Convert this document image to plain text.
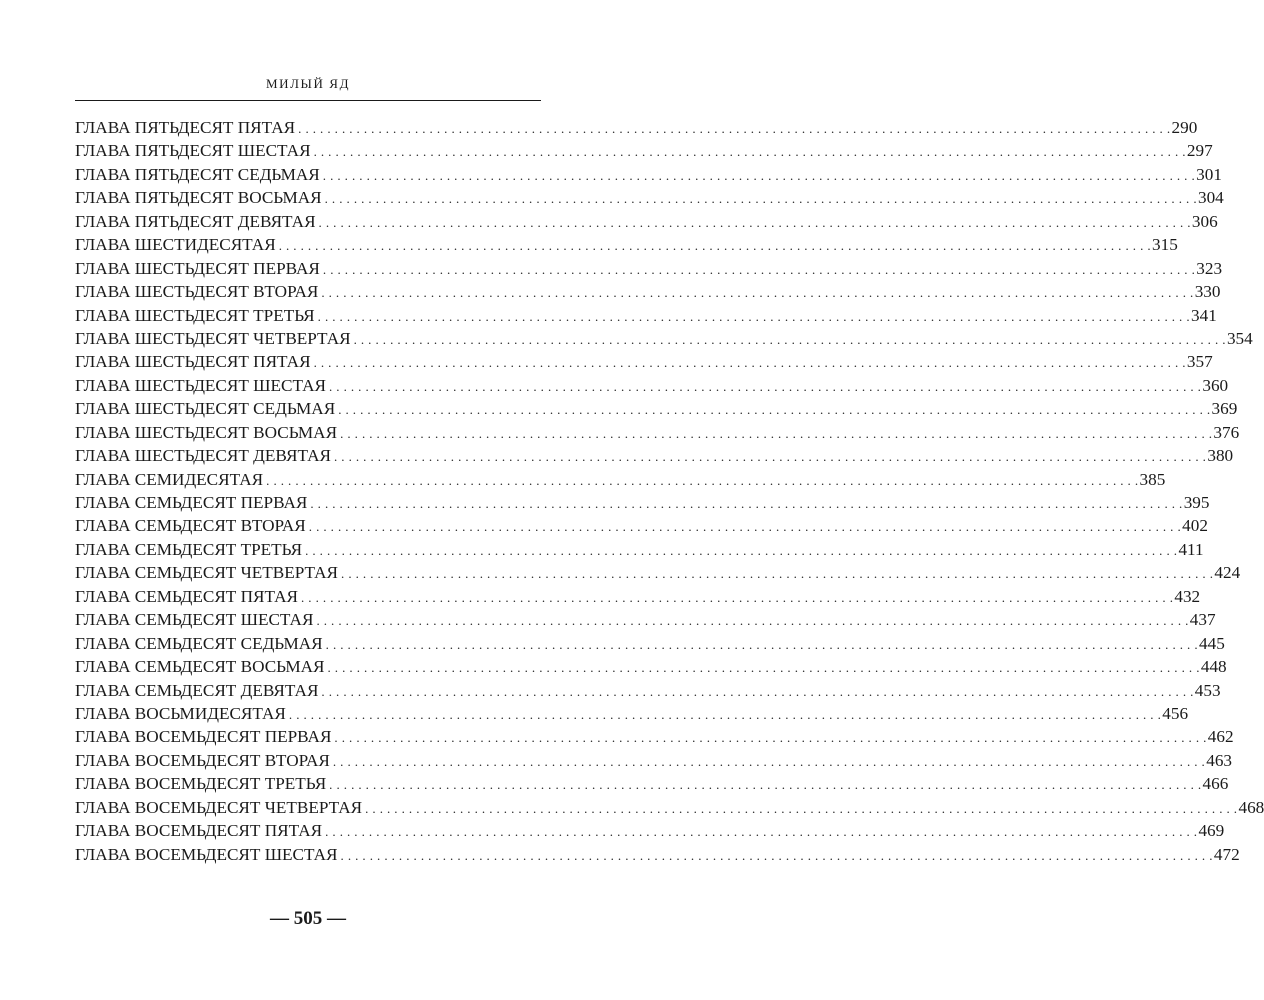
МИЛЫЙ ЯД
ГЛАВА ПЯТЬДЕСЯТ ПЯТАЯ . . . . . . . . . . . . . . . . . . . . . . . . . . . . . . . . . . . . . . . . . . . . . . . . . . . . . . . . . . . . . . . . . . . . . . . . . . . . . . . . . . . . . . . . . . . . . . . . . . . . . . . . . . . . . . . . . . . . . . . . 290
ГЛАВА ПЯТЬДЕСЯТ ШЕСТАЯ . . . . . . . . . . . . . . . . . . . . . . . . . . . . . . . . . . . . . . . . . . . . . . . . . . . . . . . . . . . . . . . . . . . . . . . . . . . . . . . . . . . . . . . . . . . . . . . . . . . . . . . . . . . . . . . . . . . . . . . . 297
ГЛАВА ПЯТЬДЕСЯТ СЕДЬМАЯ . . . . . . . . . . . . . . . . . . . . . . . . . . . . . . . . . . . . . . . . . . . . . . . . . . . . . . . . . . . . . . . . . . . . . . . . . . . . . . . . . . . . . . . . . . . . . . . . . . . . . . . . . . . . . . . . . . . . . . . . 301
ГЛАВА ПЯТЬДЕСЯТ ВОСЬМАЯ . . . . . . . . . . . . . . . . . . . . . . . . . . . . . . . . . . . . . . . . . . . . . . . . . . . . . . . . . . . . . . . . . . . . . . . . . . . . . . . . . . . . . . . . . . . . . . . . . . . . . . . . . . . . . . . . . . . . . . . . 304
ГЛАВА ПЯТЬДЕСЯТ ДЕВЯТАЯ . . . . . . . . . . . . . . . . . . . . . . . . . . . . . . . . . . . . . . . . . . . . . . . . . . . . . . . . . . . . . . . . . . . . . . . . . . . . . . . . . . . . . . . . . . . . . . . . . . . . . . . . . . . . . . . . . . . . . . . . 306
ГЛАВА ШЕСТИДЕСЯТАЯ . . . . . . . . . . . . . . . . . . . . . . . . . . . . . . . . . . . . . . . . . . . . . . . . . . . . . . . . . . . . . . . . . . . . . . . . . . . . . . . . . . . . . . . . . . . . . . . . . . . . . . . . . . . . . . . . . . . . . . . . 315
ГЛАВА ШЕСТЬДЕСЯТ ПЕРВАЯ . . . . . . . . . . . . . . . . . . . . . . . . . . . . . . . . . . . . . . . . . . . . . . . . . . . . . . . . . . . . . . . . . . . . . . . . . . . . . . . . . . . . . . . . . . . . . . . . . . . . . . . . . . . . . . . . . . . . . . . . 323
ГЛАВА ШЕСТЬДЕСЯТ ВТОРАЯ . . . . . . . . . . . . . . . . . . . . . . . . . . . . . . . . . . . . . . . . . . . . . . . . . . . . . . . . . . . . . . . . . . . . . . . . . . . . . . . . . . . . . . . . . . . . . . . . . . . . . . . . . . . . . . . . . . . . . . . . 330
ГЛАВА ШЕСТЬДЕСЯТ ТРЕТЬЯ . . . . . . . . . . . . . . . . . . . . . . . . . . . . . . . . . . . . . . . . . . . . . . . . . . . . . . . . . . . . . . . . . . . . . . . . . . . . . . . . . . . . . . . . . . . . . . . . . . . . . . . . . . . . . . . . . . . . . . . . 341
ГЛАВА ШЕСТЬДЕСЯТ ЧЕТВЕРТАЯ . . . . . . . . . . . . . . . . . . . . . . . . . . . . . . . . . . . . . . . . . . . . . . . . . . . . . . . . . . . . . . . . . . . . . . . . . . . . . . . . . . . . . . . . . . . . . . . . . . . . . . . . . . . . . . . . . . . . . . . . 354
ГЛАВА ШЕСТЬДЕСЯТ ПЯТАЯ . . . . . . . . . . . . . . . . . . . . . . . . . . . . . . . . . . . . . . . . . . . . . . . . . . . . . . . . . . . . . . . . . . . . . . . . . . . . . . . . . . . . . . . . . . . . . . . . . . . . . . . . . . . . . . . . . . . . . . . . 357
ГЛАВА ШЕСТЬДЕСЯТ ШЕСТАЯ . . . . . . . . . . . . . . . . . . . . . . . . . . . . . . . . . . . . . . . . . . . . . . . . . . . . . . . . . . . . . . . . . . . . . . . . . . . . . . . . . . . . . . . . . . . . . . . . . . . . . . . . . . . . . . . . . . . . . . . . 360
ГЛАВА ШЕСТЬДЕСЯТ СЕДЬМАЯ . . . . . . . . . . . . . . . . . . . . . . . . . . . . . . . . . . . . . . . . . . . . . . . . . . . . . . . . . . . . . . . . . . . . . . . . . . . . . . . . . . . . . . . . . . . . . . . . . . . . . . . . . . . . . . . . . . . . . . . . 369
ГЛАВА ШЕСТЬДЕСЯТ ВОСЬМАЯ . . . . . . . . . . . . . . . . . . . . . . . . . . . . . . . . . . . . . . . . . . . . . . . . . . . . . . . . . . . . . . . . . . . . . . . . . . . . . . . . . . . . . . . . . . . . . . . . . . . . . . . . . . . . . . . . . . . . . . . . 376
ГЛАВА ШЕСТЬДЕСЯТ ДЕВЯТАЯ . . . . . . . . . . . . . . . . . . . . . . . . . . . . . . . . . . . . . . . . . . . . . . . . . . . . . . . . . . . . . . . . . . . . . . . . . . . . . . . . . . . . . . . . . . . . . . . . . . . . . . . . . . . . . . . . . . . . . . . . 380
ГЛАВА СЕМИДЕСЯТАЯ . . . . . . . . . . . . . . . . . . . . . . . . . . . . . . . . . . . . . . . . . . . . . . . . . . . . . . . . . . . . . . . . . . . . . . . . . . . . . . . . . . . . . . . . . . . . . . . . . . . . . . . . . . . . . . . . . . . . . . . . 385
ГЛАВА СЕМЬДЕСЯТ ПЕРВАЯ . . . . . . . . . . . . . . . . . . . . . . . . . . . . . . . . . . . . . . . . . . . . . . . . . . . . . . . . . . . . . . . . . . . . . . . . . . . . . . . . . . . . . . . . . . . . . . . . . . . . . . . . . . . . . . . . . . . . . . . . 395
ГЛАВА СЕМЬДЕСЯТ ВТОРАЯ . . . . . . . . . . . . . . . . . . . . . . . . . . . . . . . . . . . . . . . . . . . . . . . . . . . . . . . . . . . . . . . . . . . . . . . . . . . . . . . . . . . . . . . . . . . . . . . . . . . . . . . . . . . . . . . . . . . . . . . . 402
ГЛАВА СЕМЬДЕСЯТ ТРЕТЬЯ . . . . . . . . . . . . . . . . . . . . . . . . . . . . . . . . . . . . . . . . . . . . . . . . . . . . . . . . . . . . . . . . . . . . . . . . . . . . . . . . . . . . . . . . . . . . . . . . . . . . . . . . . . . . . . . . . . . . . . . . 411
ГЛАВА СЕМЬДЕСЯТ ЧЕТВЕРТАЯ . . . . . . . . . . . . . . . . . . . . . . . . . . . . . . . . . . . . . . . . . . . . . . . . . . . . . . . . . . . . . . . . . . . . . . . . . . . . . . . . . . . . . . . . . . . . . . . . . . . . . . . . . . . . . . . . . . . . . . . . 424
ГЛАВА СЕМЬДЕСЯТ ПЯТАЯ . . . . . . . . . . . . . . . . . . . . . . . . . . . . . . . . . . . . . . . . . . . . . . . . . . . . . . . . . . . . . . . . . . . . . . . . . . . . . . . . . . . . . . . . . . . . . . . . . . . . . . . . . . . . . . . . . . . . . . . . 432
ГЛАВА СЕМЬДЕСЯТ ШЕСТАЯ . . . . . . . . . . . . . . . . . . . . . . . . . . . . . . . . . . . . . . . . . . . . . . . . . . . . . . . . . . . . . . . . . . . . . . . . . . . . . . . . . . . . . . . . . . . . . . . . . . . . . . . . . . . . . . . . . . . . . . . . 437
ГЛАВА СЕМЬДЕСЯТ СЕДЬМАЯ . . . . . . . . . . . . . . . . . . . . . . . . . . . . . . . . . . . . . . . . . . . . . . . . . . . . . . . . . . . . . . . . . . . . . . . . . . . . . . . . . . . . . . . . . . . . . . . . . . . . . . . . . . . . . . . . . . . . . . . . 445
ГЛАВА СЕМЬДЕСЯТ ВОСЬМАЯ . . . . . . . . . . . . . . . . . . . . . . . . . . . . . . . . . . . . . . . . . . . . . . . . . . . . . . . . . . . . . . . . . . . . . . . . . . . . . . . . . . . . . . . . . . . . . . . . . . . . . . . . . . . . . . . . . . . . . . . . 448
ГЛАВА СЕМЬДЕСЯТ ДЕВЯТАЯ . . . . . . . . . . . . . . . . . . . . . . . . . . . . . . . . . . . . . . . . . . . . . . . . . . . . . . . . . . . . . . . . . . . . . . . . . . . . . . . . . . . . . . . . . . . . . . . . . . . . . . . . . . . . . . . . . . . . . . . . 453
ГЛАВА ВОСЬМИДЕСЯТАЯ . . . . . . . . . . . . . . . . . . . . . . . . . . . . . . . . . . . . . . . . . . . . . . . . . . . . . . . . . . . . . . . . . . . . . . . . . . . . . . . . . . . . . . . . . . . . . . . . . . . . . . . . . . . . . . . . . . . . . . . . 456
ГЛАВА ВОСЕМЬДЕСЯТ ПЕРВАЯ . . . . . . . . . . . . . . . . . . . . . . . . . . . . . . . . . . . . . . . . . . . . . . . . . . . . . . . . . . . . . . . . . . . . . . . . . . . . . . . . . . . . . . . . . . . . . . . . . . . . . . . . . . . . . . . . . . . . . . . . 462
ГЛАВА ВОСЕМЬДЕСЯТ ВТОРАЯ . . . . . . . . . . . . . . . . . . . . . . . . . . . . . . . . . . . . . . . . . . . . . . . . . . . . . . . . . . . . . . . . . . . . . . . . . . . . . . . . . . . . . . . . . . . . . . . . . . . . . . . . . . . . . . . . . . . . . . . . 463
ГЛАВА ВОСЕМЬДЕСЯТ ТРЕТЬЯ . . . . . . . . . . . . . . . . . . . . . . . . . . . . . . . . . . . . . . . . . . . . . . . . . . . . . . . . . . . . . . . . . . . . . . . . . . . . . . . . . . . . . . . . . . . . . . . . . . . . . . . . . . . . . . . . . . . . . . . . 466
ГЛАВА ВОСЕМЬДЕСЯТ ЧЕТВЕРТАЯ . . . . . . . . . . . . . . . . . . . . . . . . . . . . . . . . . . . . . . . . . . . . . . . . . . . . . . . . . . . . . . . . . . . . . . . . . . . . . . . . . . . . . . . . . . . . . . . . . . . . . . . . . . . . . . . . . . . . . . . . 468
ГЛАВА ВОСЕМЬДЕСЯТ ПЯТАЯ . . . . . . . . . . . . . . . . . . . . . . . . . . . . . . . . . . . . . . . . . . . . . . . . . . . . . . . . . . . . . . . . . . . . . . . . . . . . . . . . . . . . . . . . . . . . . . . . . . . . . . . . . . . . . . . . . . . . . . . . 469
ГЛАВА ВОСЕМЬДЕСЯТ ШЕСТАЯ . . . . . . . . . . . . . . . . . . . . . . . . . . . . . . . . . . . . . . . . . . . . . . . . . . . . . . . . . . . . . . . . . . . . . . . . . . . . . . . . . . . . . . . . . . . . . . . . . . . . . . . . . . . . . . . . . . . . . . . . 472
— 505 —
